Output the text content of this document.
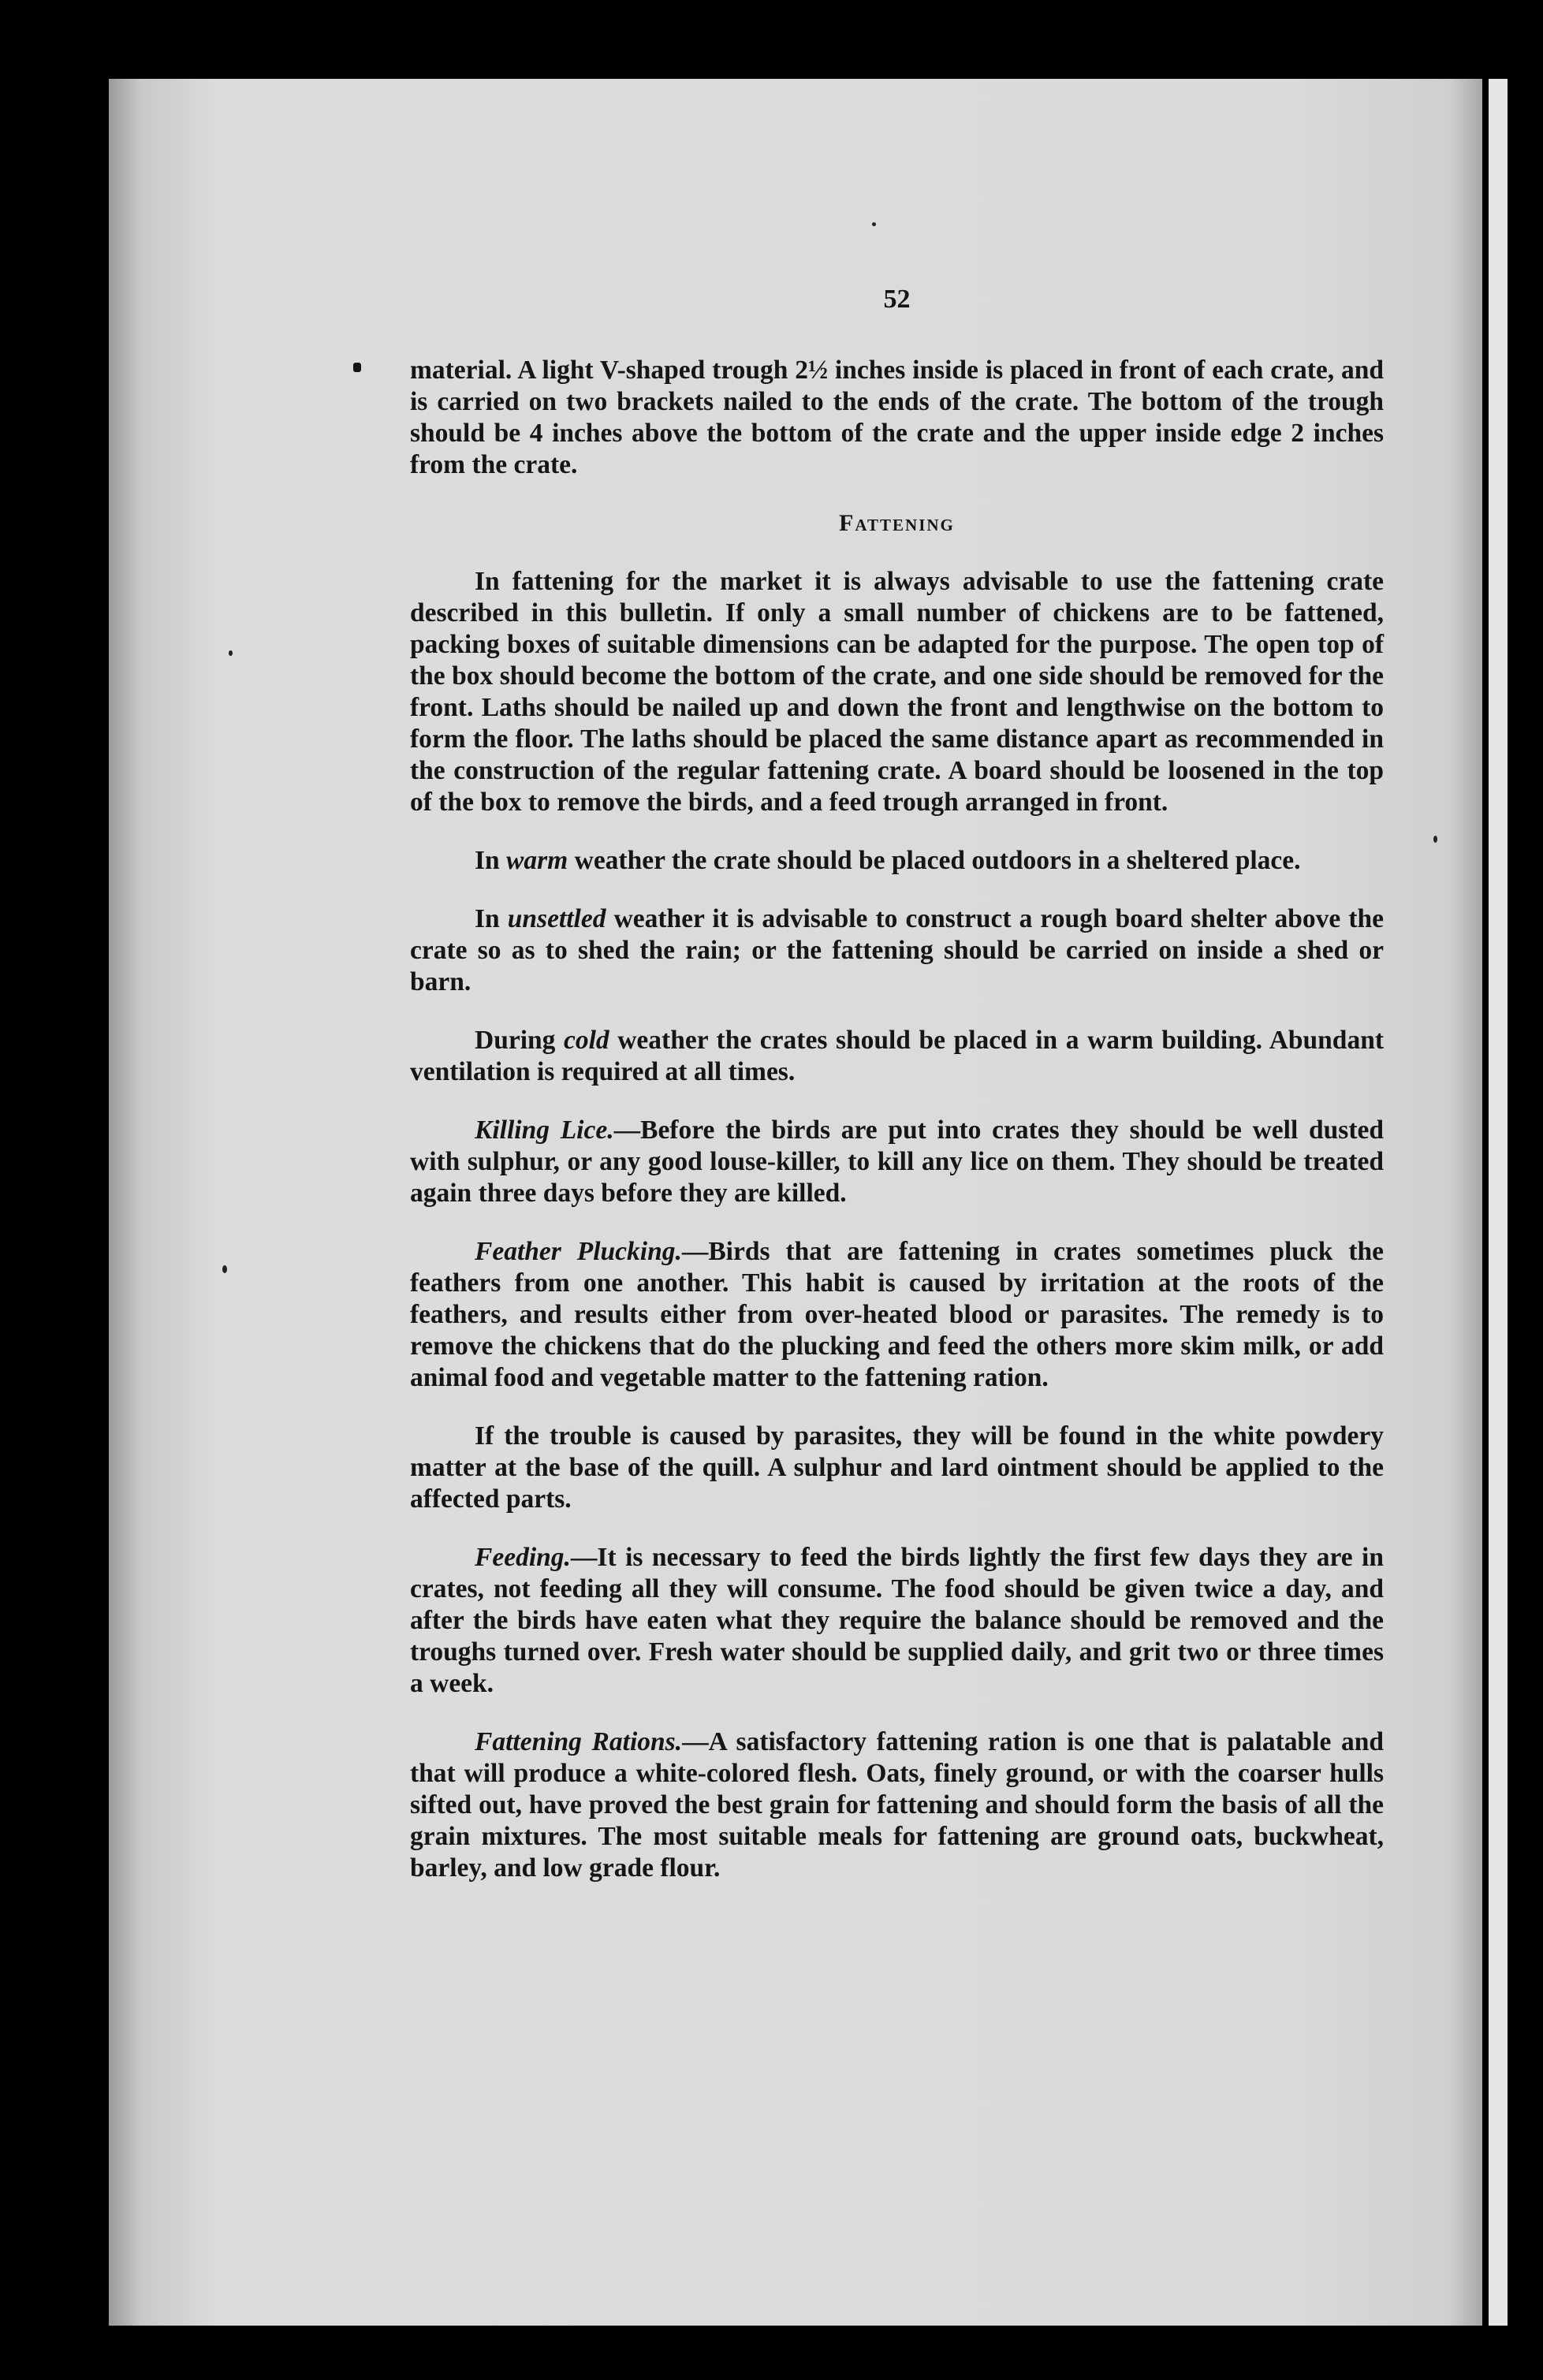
52

material. A light V-shaped trough 2½ inches inside is placed in front of each crate, and is carried on two brackets nailed to the ends of the crate. The bottom of the trough should be 4 inches above the bottom of the crate and the upper inside edge 2 inches from the crate.

Fattening

In fattening for the market it is always advisable to use the fattening crate described in this bulletin. If only a small number of chickens are to be fattened, packing boxes of suitable dimensions can be adapted for the purpose. The open top of the box should become the bottom of the crate, and one side should be removed for the front. Laths should be nailed up and down the front and lengthwise on the bottom to form the floor. The laths should be placed the same distance apart as recommended in the construction of the regular fattening crate. A board should be loosened in the top of the box to remove the birds, and a feed trough arranged in front.

In warm weather the crate should be placed outdoors in a sheltered place.

In unsettled weather it is advisable to construct a rough board shelter above the crate so as to shed the rain; or the fattening should be carried on inside a shed or barn.

During cold weather the crates should be placed in a warm building. Abundant ventilation is required at all times.

Killing Lice.—Before the birds are put into crates they should be well dusted with sulphur, or any good louse-killer, to kill any lice on them. They should be treated again three days before they are killed.

Feather Plucking.—Birds that are fattening in crates sometimes pluck the feathers from one another. This habit is caused by irritation at the roots of the feathers, and results either from over-heated blood or parasites. The remedy is to remove the chickens that do the plucking and feed the others more skim milk, or add animal food and vegetable matter to the fattening ration.

If the trouble is caused by parasites, they will be found in the white powdery matter at the base of the quill. A sulphur and lard ointment should be applied to the affected parts.

Feeding.—It is necessary to feed the birds lightly the first few days they are in crates, not feeding all they will consume. The food should be given twice a day, and after the birds have eaten what they require the balance should be removed and the troughs turned over. Fresh water should be supplied daily, and grit two or three times a week.

Fattening Rations.—A satisfactory fattening ration is one that is palatable and that will produce a white-colored flesh. Oats, finely ground, or with the coarser hulls sifted out, have proved the best grain for fattening and should form the basis of all the grain mixtures. The most suitable meals for fattening are ground oats, buckwheat, barley, and low grade flour.
